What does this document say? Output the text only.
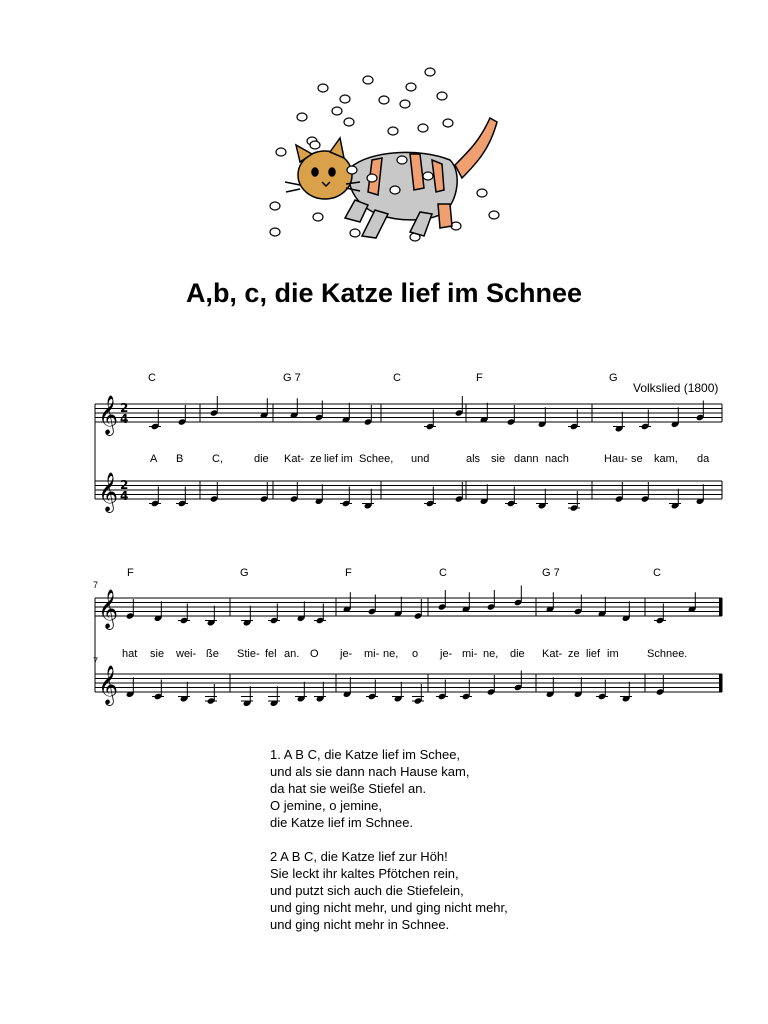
A,b, c, die Katze lief im Schnee
Volkslied (1800)
C	G 7	C	F	G
F	G	F	C	G 7	C
7
7
A B	C,	die Kat- ze lief im Schee, und	als sie dann nach	Hau- se kam, da
hat sie wei- ße Stie- fel an. O je- mi- ne, o je- mi- ne, die Kat- ze lief im	Schnee.
𝄞 2
4
𝄞 2
4
𝄞
𝄞
1. A B C, die Katze lief im Schee,
und als sie dann nach Hause kam,
da hat sie weiße Stiefel an.
O jemine, o jemine,
die Katze lief im Schnee.
2 A B C, die Katze lief zur Höh!
Sie leckt ihr kaltes Pfötchen rein,
und putzt sich auch die Stiefelein,
und ging nicht mehr, und ging nicht mehr,
und ging nicht mehr in Schnee.
